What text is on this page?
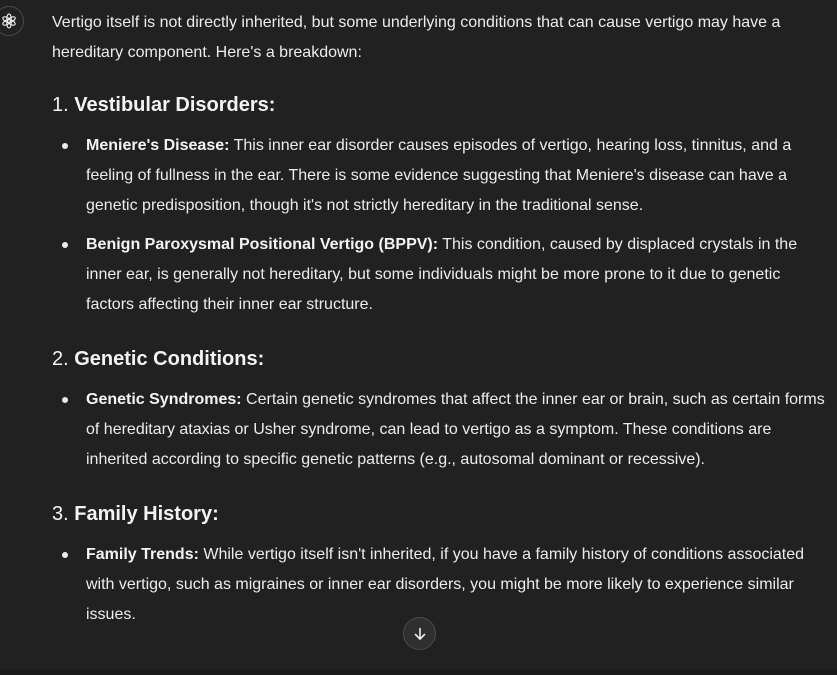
Vertigo itself is not directly inherited, but some underlying conditions that can cause vertigo may have a hereditary component. Here's a breakdown:

1. Vestibular Disorders:
Meniere's Disease: This inner ear disorder causes episodes of vertigo, hearing loss, tinnitus, and a feeling of fullness in the ear. There is some evidence suggesting that Meniere's disease can have a genetic predisposition, though it's not strictly hereditary in the traditional sense.
Benign Paroxysmal Positional Vertigo (BPPV): This condition, caused by displaced crystals in the inner ear, is generally not hereditary, but some individuals might be more prone to it due to genetic factors affecting their inner ear structure.
2. Genetic Conditions:
Genetic Syndromes: Certain genetic syndromes that affect the inner ear or brain, such as certain forms of hereditary ataxias or Usher syndrome, can lead to vertigo as a symptom. These conditions are inherited according to specific genetic patterns (e.g., autosomal dominant or recessive).
3. Family History:
Family Trends: While vertigo itself isn't inherited, if you have a family history of conditions associated with vertigo, such as migraines or inner ear disorders, you might be more likely to experience similar issues.
